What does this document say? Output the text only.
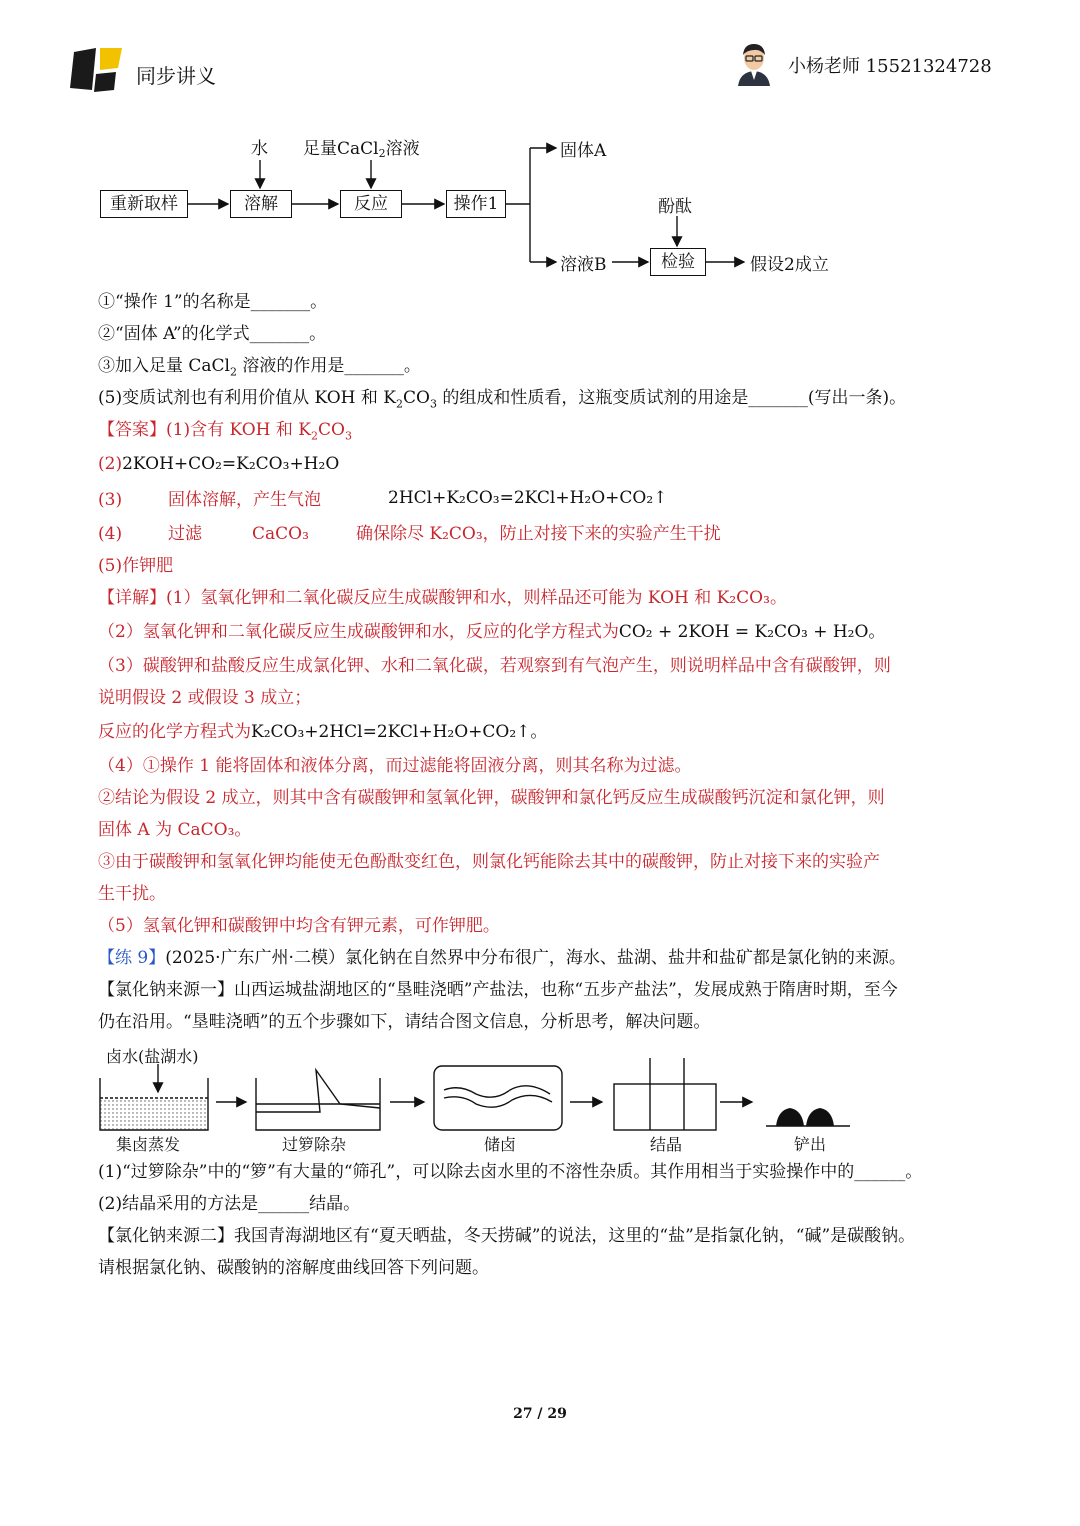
同步讲义	小杨老师 15521324728
水 足量CaCl$_2$溶液
重新取样	溶解	反应	操作1
固体A
酚酞
溶液B	检验	假设2成立
①“操作 1”的名称是_______。
②“固体 A”的化学式_______。
③加入足量 CaCl$_2$ 溶液的作用是_______。
(5)变质试剂也有利用价值从 KOH 和 $K_2CO_3$ 的组成和性质看，这瓶变质试剂的用途是_______(写出一条)。
【答案】(1)含有 KOH 和 $K_2CO_3$
(2)2KOH+CO₂=K₂CO₃+H₂O
(3)	固体溶解，产生气泡	2HCl+K₂CO₃=2KCl+H₂O+CO₂↑
(4)	过滤	CaCO₃	确保除尽 K₂CO₃，防止对接下来的实验产生干扰
(5)作钾肥
【详解】(1）氢氧化钾和二氧化碳反应生成碳酸钾和水，则样品还可能为 KOH 和 K₂CO₃。
（2）氢氧化钾和二氧化碳反应生成碳酸钾和水，反应的化学方程式为CO₂ + 2KOH = K₂CO₃ + H₂O。
（3）碳酸钾和盐酸反应生成氯化钾、水和二氧化碳，若观察到有气泡产生，则说明样品中含有碳酸钾，则
说明假设 2 或假设 3 成立；
反应的化学方程式为K₂CO₃+2HCl=2KCl+H₂O+CO₂↑。
（4）①操作 1 能将固体和液体分离，而过滤能将固液分离，则其名称为过滤。
②结论为假设 2 成立，则其中含有碳酸钾和氢氧化钾，碳酸钾和氯化钙反应生成碳酸钙沉淀和氯化钾，则
固体 A 为 CaCO₃。
③由于碳酸钾和氢氧化钾均能使无色酚酞变红色，则氯化钙能除去其中的碳酸钾，防止对接下来的实验产
生干扰。
（5）氢氧化钾和碳酸钾中均含有钾元素，可作钾肥。
【练 9】(2025·广东广州·二模）氯化钠在自然界中分布很广，海水、盐湖、盐井和盐矿都是氯化钠的来源。
【氯化钠来源一】山西运城盐湖地区的“垦畦浇晒”产盐法，也称“五步产盐法”，发展成熟于隋唐时期，至今
仍在沿用。“垦畦浇晒”的五个步骤如下，请结合图文信息，分析思考，解决问题。
卤水(盐湖水)
集卤蒸发	过箩除杂	储卤	结晶	铲出
(1)“过箩除杂”中的“箩”有大量的“筛孔”，可以除去卤水里的不溶性杂质。其作用相当于实验操作中的______。
(2)结晶采用的方法是______结晶。
【氯化钠来源二】我国青海湖地区有“夏天晒盐，冬天捞碱”的说法，这里的“盐”是指氯化钠，“碱”是碳酸钠。
请根据氯化钠、碳酸钠的溶解度曲线回答下列问题。
27 / 29
